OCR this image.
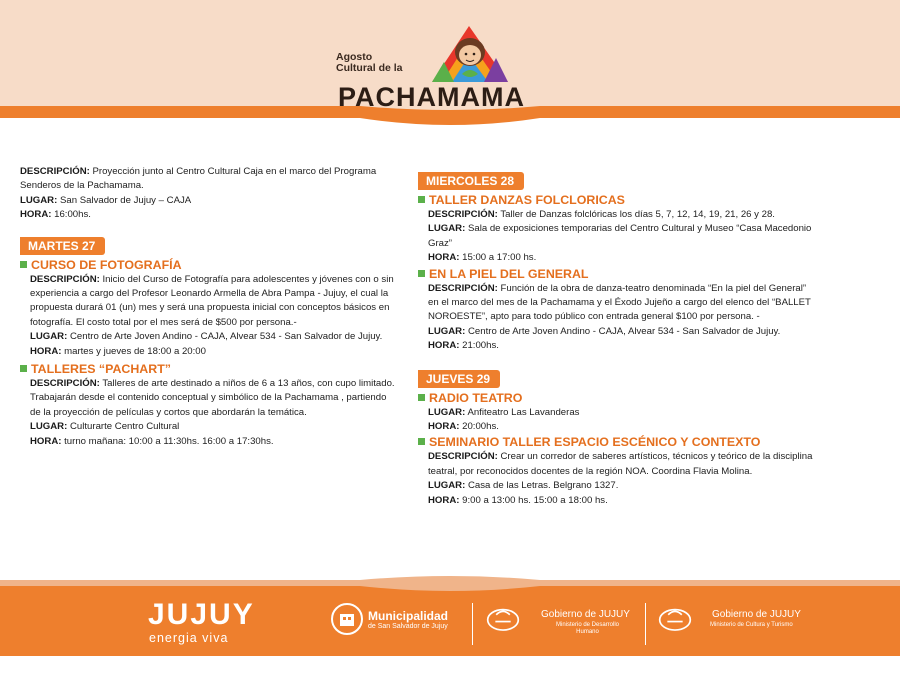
Agosto
Cultural de la
PACHAMAMA
DESCRIPCIÓN: Proyección junto al Centro Cultural Caja en el marco del Programa
Senderos de la Pachamama.
LUGAR: San Salvador de Jujuy – CAJA
HORA: 16:00hs.
MARTES 27
CURSO DE FOTOGRAFÍA
DESCRIPCIÓN: Inicio del Curso de Fotografía para adolescentes y jóvenes con o sin
experiencia a cargo del Profesor Leonardo Armella de Abra Pampa - Jujuy, el cual la
propuesta durará 01 (un) mes y será una propuesta inicial con conceptos básicos en
fotografía. El costo total por el mes será de $500 por persona.-
LUGAR: Centro de Arte Joven Andino - CAJA, Alvear 534 - San Salvador de Jujuy.
HORA: martes y jueves de 18:00 a 20:00
TALLERES “PACHART”
DESCRIPCIÓN: Talleres de arte destinado a niños de 6 a 13 años, con cupo limitado.
Trabajarán desde el contenido conceptual y simbólico de la Pachamama , partiendo
de la proyección de películas y cortos que abordarán la temática.
LUGAR: Culturarte Centro Cultural
HORA: turno mañana: 10:00 a 11:30hs. 16:00 a 17:30hs.
MIERCOLES 28
TALLER DANZAS FOLCLORICAS
DESCRIPCIÓN: Taller de Danzas folclóricas los días 5, 7, 12, 14, 19, 21, 26 y 28.
LUGAR: Sala de exposiciones temporarias del Centro Cultural y Museo “Casa Macedonio
Graz”
HORA: 15:00 a 17:00 hs.
EN LA PIEL DEL GENERAL
DESCRIPCIÓN: Función de la obra de danza-teatro denominada “En la piel del General”
en el marco del mes de la Pachamama y el Éxodo Jujeño a cargo del elenco del “BALLET
NOROESTE”, apto para todo público con entrada general $100 por persona. -
LUGAR: Centro de Arte Joven Andino - CAJA, Alvear 534 - San Salvador de Jujuy.
HORA: 21:00hs.
JUEVES 29
RADIO TEATRO
LUGAR: Anfiteatro Las Lavanderas
HORA: 20:00hs.
SEMINARIO TALLER ESPACIO ESCÉNICO Y CONTEXTO
DESCRIPCIÓN: Crear un corredor de saberes artísticos, técnicos y teórico de la disciplina
teatral, por reconocidos docentes de la región NOA. Coordina Flavia Molina.
LUGAR: Casa de las Letras. Belgrano 1327.
HORA: 9:00 a 13:00 hs. 15:00 a 18:00 hs.
JUJUY
energia viva
Municipalidad
de San Salvador de Jujuy
Gobierno de JUJUY
Ministerio de Desarrollo
Humano
Gobierno de JUJUY
Ministerio de Cultura y Turismo
